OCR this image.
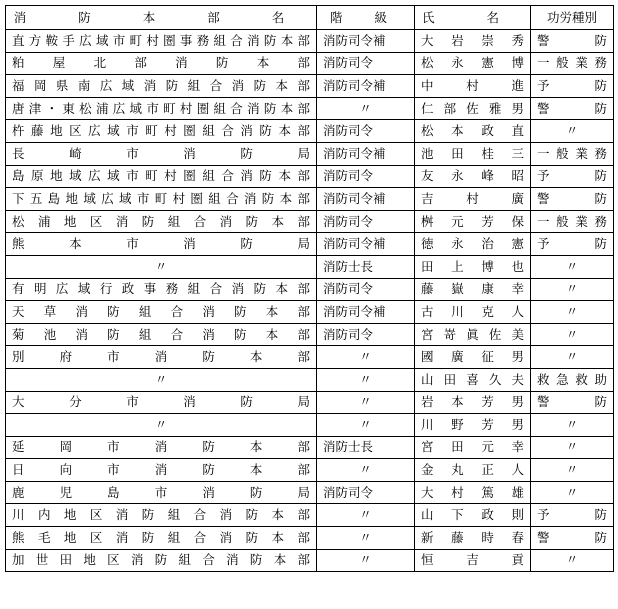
消 防 本 部 名	階 級	氏 名	功労種別
直方鞍手広域市町村圏事務組合消防本部	消防司令補	大岩崇秀	警防
粕屋北部消防本部	消防司令	松永憲博	一般業務
福岡県南広域消防組合消防本部	消防司令補	中村進	予防
唐津・東松浦広域市町村圏組合消防本部	〃	仁部佐雅男	警防
杵藤地区広域市町村圏組合消防本部	消防司令	松本政直	〃
長崎市消防局	消防司令補	池田桂三	一般業務
島原地域広域市町村圏組合消防本部	消防司令	友永峰昭	予防
下五島地域広域市町村圏組合消防本部	消防司令補	吉村廣	警防
松浦地区消防組合消防本部	消防司令	桝元芳保	一般業務
熊本市消防局	消防司令補	徳永治憲	予防
〃	消防士長	田上博也	〃
有明広域行政事務組合消防本部	消防司令	藤嶽康幸	〃
天草消防組合消防本部	消防司令補	古川克人	〃
菊池消防組合消防本部	消防司令	宮嵜眞佐美	〃
別府市消防本部	〃	國廣征男	〃
〃	〃	山田喜久夫	救急救助
大分市消防局	〃	岩本芳男	警防
〃	〃	川野芳男	〃
延岡市消防本部	消防士長	宮田元幸	〃
日向市消防本部	〃	金丸正人	〃
鹿児島市消防局	消防司令	大村篤雄	〃
川内地区消防組合消防本部	〃	山下政則	予防
熊毛地区消防組合消防本部	〃	新藤時春	警防
加世田地区消防組合消防本部	〃	恒吉貢	〃
